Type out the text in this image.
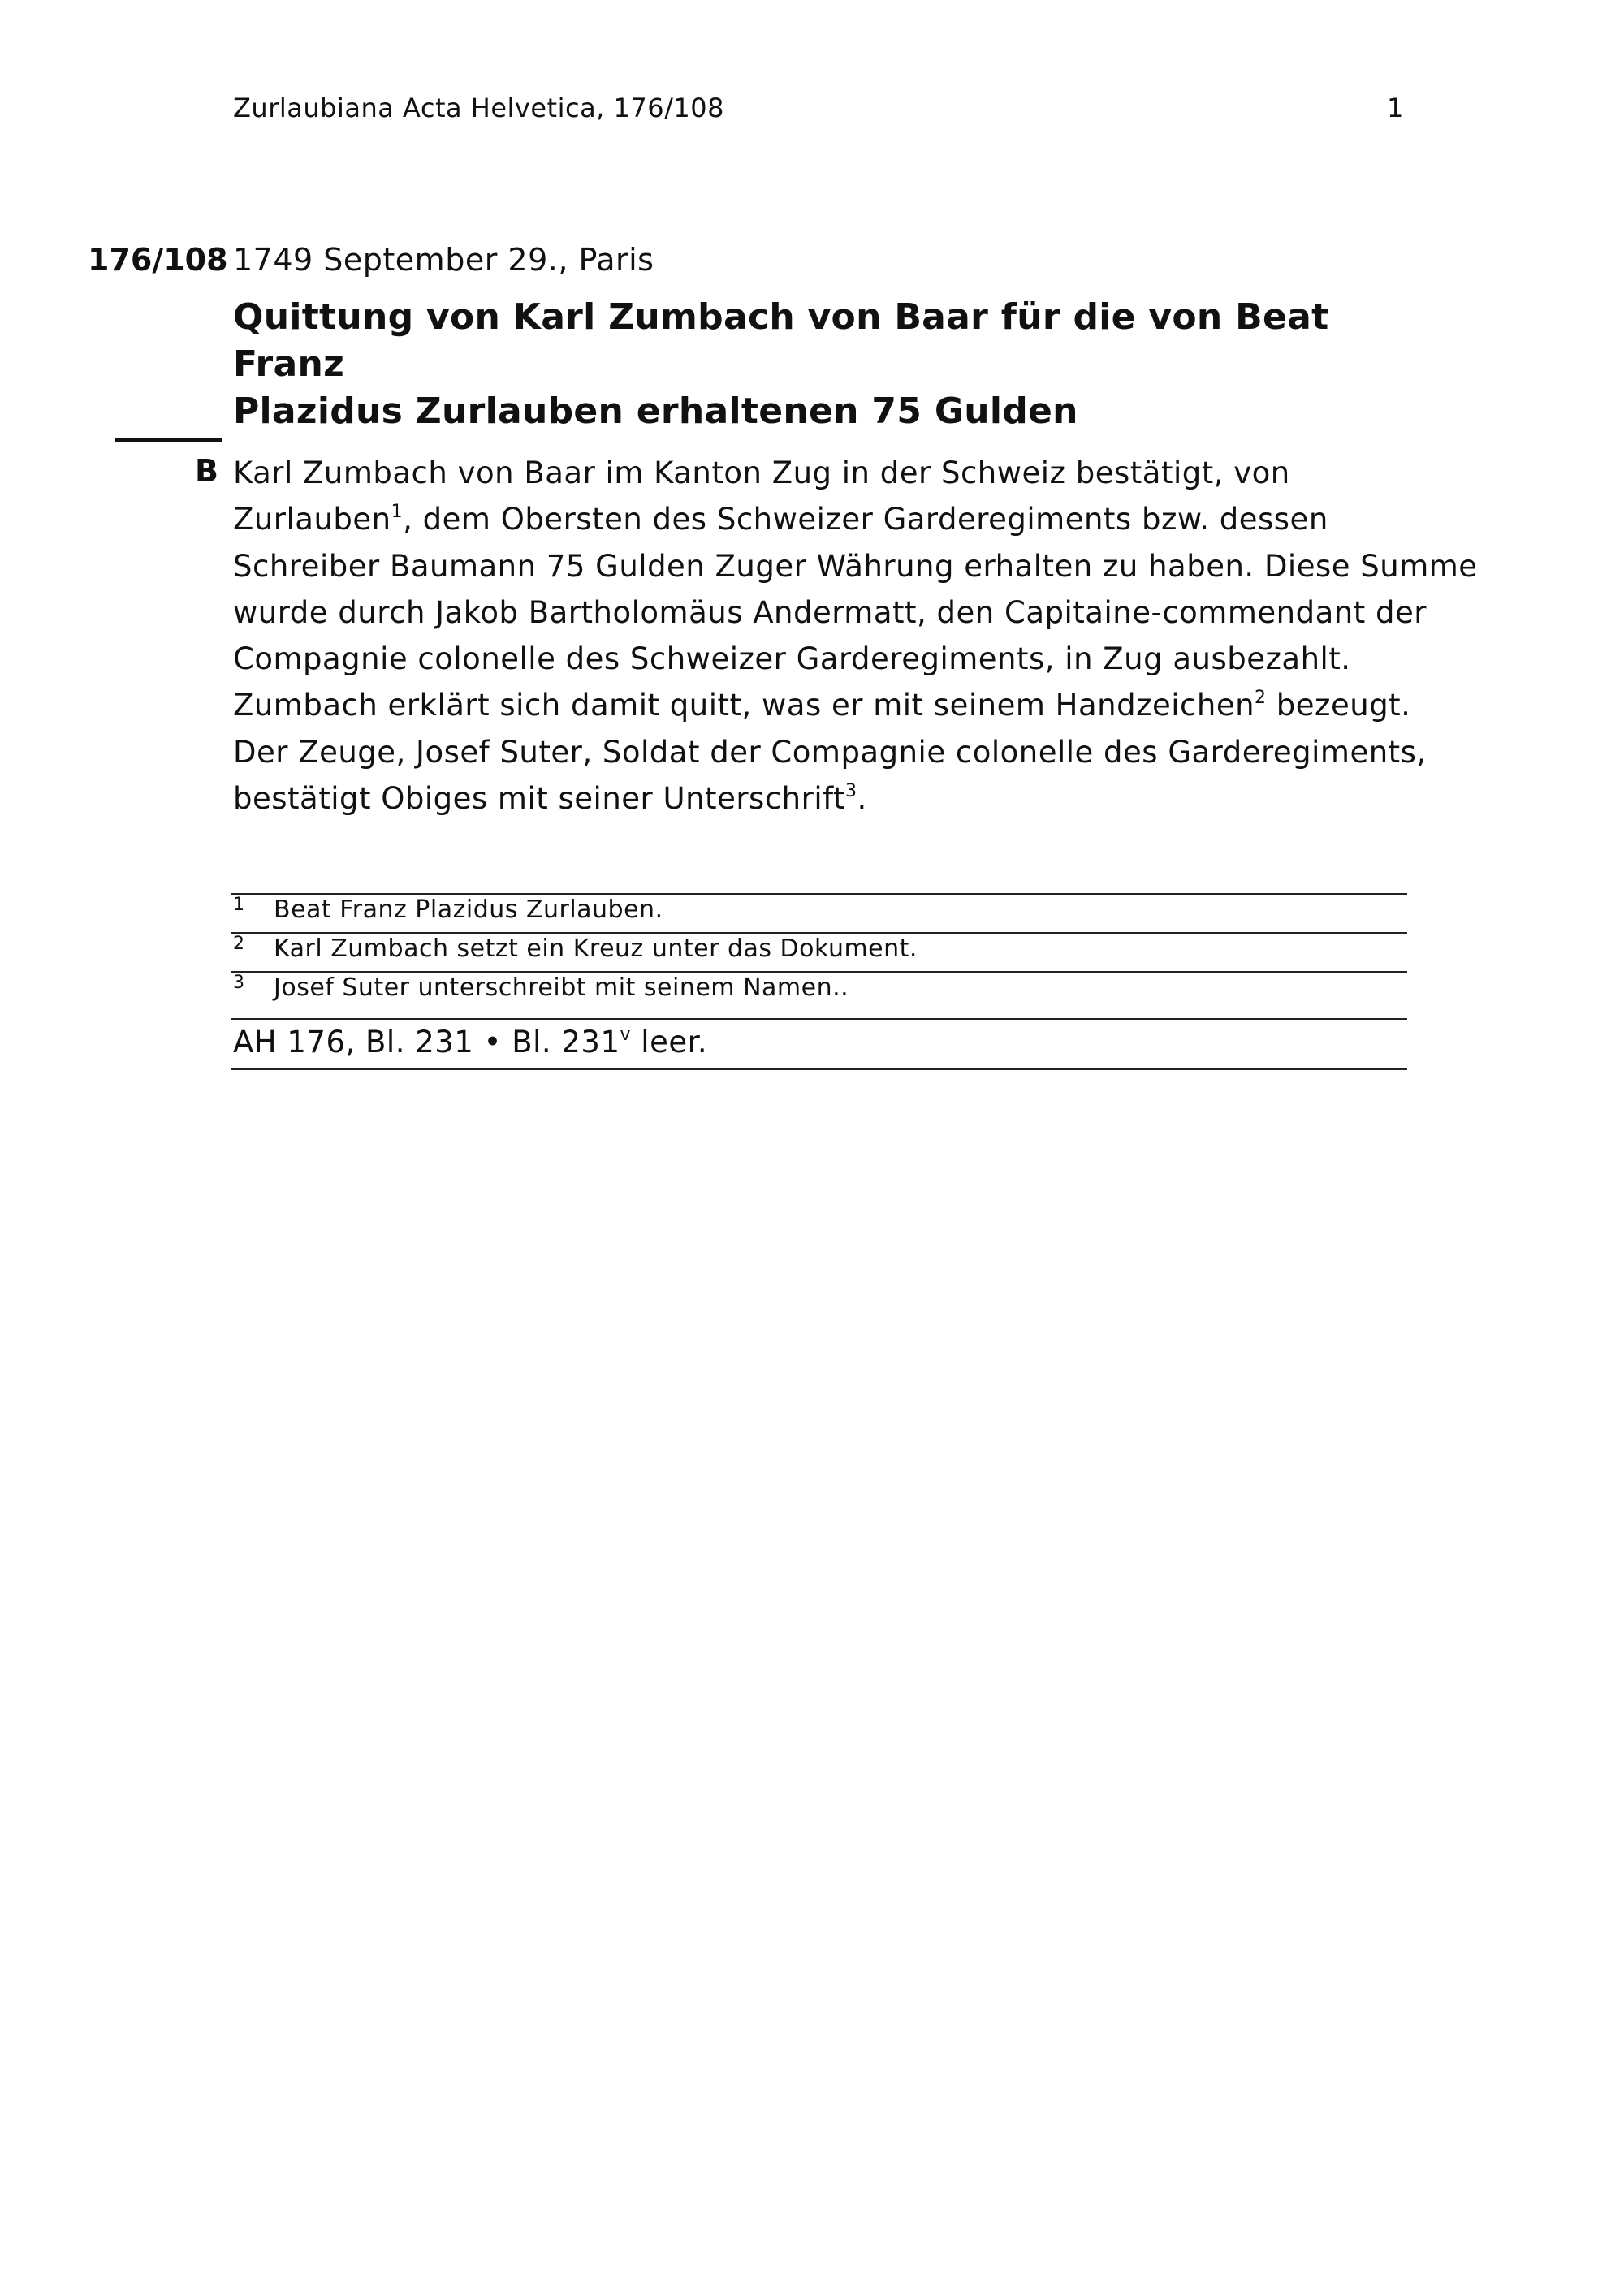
Zurlaubiana Acta Helvetica, 176/108	1
176/108 1749 September 29., Paris
Quittung von Karl Zumbach von Baar für die von Beat Franz
Plazidus Zurlauben erhaltenen 75 Gulden
B Karl Zumbach von Baar im Kanton Zug in der Schweiz bestätigt, von
Zurlauben$^1$, dem Obersten des Schweizer Garderegiments bzw. dessen
Schreiber Baumann 75 Gulden Zuger Währung erhalten zu haben. Diese Summe
wurde durch Jakob Bartholomäus Andermatt, den Capitaine-commendant der
Compagnie colonelle des Schweizer Garderegiments, in Zug ausbezahlt.
Zumbach erklärt sich damit quitt, was er mit seinem Handzeichen$^2$ bezeugt.
Der Zeuge, Josef Suter, Soldat der Compagnie colonelle des Garderegiments,
bestätigt Obiges mit seiner Unterschrift$^3$.
1 Beat Franz Plazidus Zurlauben.
2 Karl Zumbach setzt ein Kreuz unter das Dokument.
3 Josef Suter unterschreibt mit seinem Namen..
AH 176, Bl. 231 • Bl. 231$^v$ leer.
